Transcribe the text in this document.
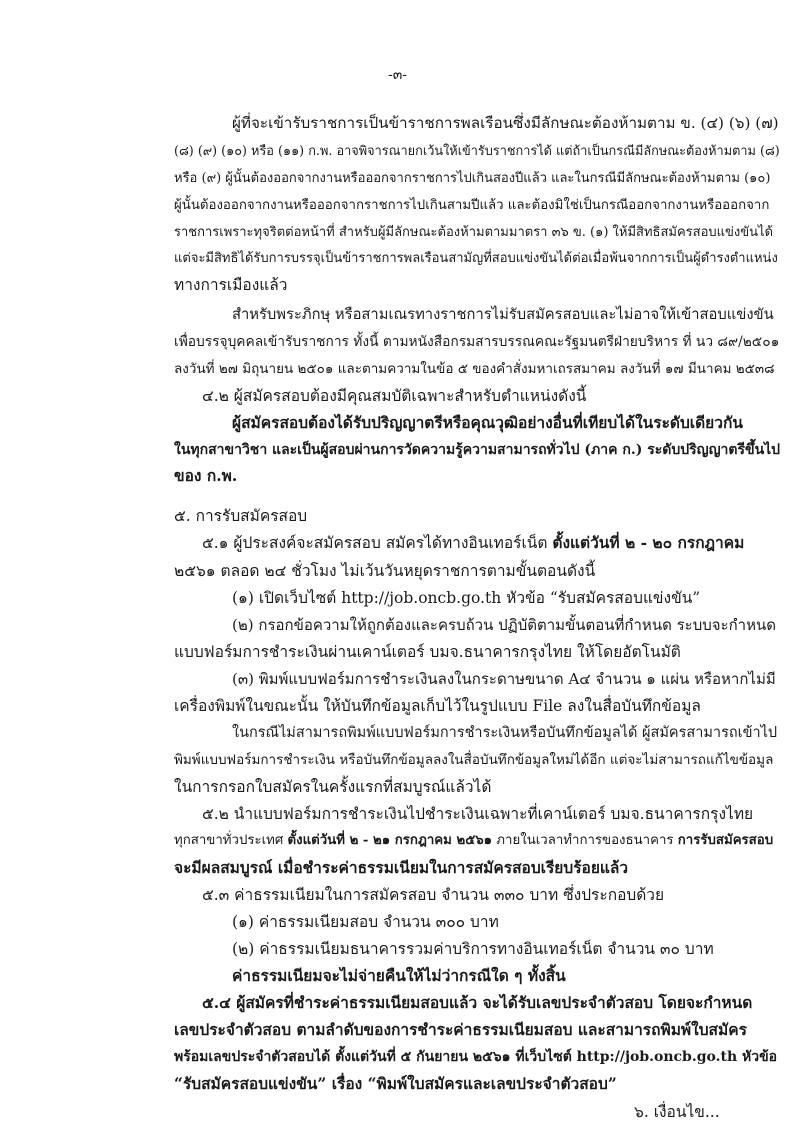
-๓-
ผู้ที่จะเข้ารับราชการเป็นข้าราชการพลเรือนซึ่งมีลักษณะต้องห้ามตาม ข. (๔) (๖) (๗)
(๘) (๙) (๑๐) หรือ (๑๑) ก.พ. อาจพิจารณายกเว้นให้เข้ารับราชการได้ แต่ถ้าเป็นกรณีมีลักษณะต้องห้ามตาม (๘)
หรือ (๙) ผู้นั้นต้องออกจากงานหรือออกจากราชการไปเกินสองปีแล้ว และในกรณีมีลักษณะต้องห้ามตาม (๑๐)
ผู้นั้นต้องออกจากงานหรือออกจากราชการไปเกินสามปีแล้ว และต้องมิใช่เป็นกรณีออกจากงานหรือออกจาก
ราชการเพราะทุจริตต่อหน้าที่ สำหรับผู้มีลักษณะต้องห้ามตามมาตรา ๓๖ ข. (๑) ให้มีสิทธิสมัครสอบแข่งขันได้
แต่จะมีสิทธิได้รับการบรรจุเป็นข้าราชการพลเรือนสามัญที่สอบแข่งขันได้ต่อเมื่อพ้นจากการเป็นผู้ดำรงตำแหน่ง
ทางการเมืองแล้ว
สำหรับพระภิกษุ หรือสามเณรทางราชการไม่รับสมัครสอบและไม่อาจให้เข้าสอบแข่งขัน
เพื่อบรรจุบุคคลเข้ารับราชการ ทั้งนี้ ตามหนังสือกรมสารบรรณคณะรัฐมนตรีฝ่ายบริหาร ที่ นว ๘๙/๒๕๐๑
ลงวันที่ ๒๗ มิถุนายน ๒๕๐๑ และตามความในข้อ ๕ ของคำสั่งมหาเถรสมาคม ลงวันที่ ๑๗ มีนาคม ๒๕๓๘
๔.๒ ผู้สมัครสอบต้องมีคุณสมบัติเฉพาะสำหรับตำแหน่งดังนี้
ผู้สมัครสอบต้องได้รับปริญญาตรีหรือคุณวุฒิอย่างอื่นที่เทียบได้ในระดับเดียวกัน
ในทุกสาขาวิชา และเป็นผู้สอบผ่านการวัดความรู้ความสามารถทั่วไป (ภาค ก.) ระดับปริญญาตรีขึ้นไป
ของ ก.พ.
๕. การรับสมัครสอบ
๕.๑ ผู้ประสงค์จะสมัครสอบ สมัครได้ทางอินเทอร์เน็ต ตั้งแต่วันที่ ๒ - ๒๐ กรกฎาคม
๒๕๖๑ ตลอด ๒๔ ชั่วโมง ไม่เว้นวันหยุดราชการตามขั้นตอนดังนี้
(๑) เปิดเว็บไซต์ http://job.oncb.go.th หัวข้อ “รับสมัครสอบแข่งขัน”
(๒) กรอกข้อความให้ถูกต้องและครบถ้วน ปฏิบัติตามขั้นตอนที่กำหนด ระบบจะกำหนด
แบบฟอร์มการชำระเงินผ่านเคาน์เตอร์ บมจ.ธนาคารกรุงไทย ให้โดยอัตโนมัติ
(๓) พิมพ์แบบฟอร์มการชำระเงินลงในกระดาษขนาด A๔ จำนวน ๑ แผ่น หรือหากไม่มี
เครื่องพิมพ์ในขณะนั้น ให้บันทึกข้อมูลเก็บไว้ในรูปแบบ File ลงในสื่อบันทึกข้อมูล
ในกรณีไม่สามารถพิมพ์แบบฟอร์มการชำระเงินหรือบันทึกข้อมูลได้ ผู้สมัครสามารถเข้าไป
พิมพ์แบบฟอร์มการชำระเงิน หรือบันทึกข้อมูลลงในสื่อบันทึกข้อมูลใหม่ได้อีก แต่จะไม่สามารถแก้ไขข้อมูล
ในการกรอกใบสมัครในครั้งแรกที่สมบูรณ์แล้วได้
๕.๒ นำแบบฟอร์มการชำระเงินไปชำระเงินเฉพาะที่เคาน์เตอร์ บมจ.ธนาคารกรุงไทย
ทุกสาขาทั่วประเทศ ตั้งแต่วันที่ ๒ - ๒๑ กรกฎาคม ๒๕๖๑ ภายในเวลาทำการของธนาคาร การรับสมัครสอบ
จะมีผลสมบูรณ์ เมื่อชำระค่าธรรมเนียมในการสมัครสอบเรียบร้อยแล้ว
๕.๓ ค่าธรรมเนียมในการสมัครสอบ จำนวน ๓๓๐ บาท ซึ่งประกอบด้วย
(๑) ค่าธรรมเนียมสอบ จำนวน ๓๐๐ บาท
(๒) ค่าธรรมเนียมธนาคารรวมค่าบริการทางอินเทอร์เน็ต จำนวน ๓๐ บาท
ค่าธรรมเนียมจะไม่จ่ายคืนให้ไม่ว่ากรณีใด ๆ ทั้งสิ้น
๕.๔ ผู้สมัครที่ชำระค่าธรรมเนียมสอบแล้ว จะได้รับเลขประจำตัวสอบ โดยจะกำหนด
เลขประจำตัวสอบ ตามลำดับของการชำระค่าธรรมเนียมสอบ และสามารถพิมพ์ใบสมัคร
พร้อมเลขประจำตัวสอบได้ ตั้งแต่วันที่ ๕ กันยายน ๒๕๖๑ ที่เว็บไซต์ http://job.oncb.go.th หัวข้อ
“รับสมัครสอบแข่งขัน” เรื่อง “พิมพ์ใบสมัครและเลขประจำตัวสอบ”
๖. เงื่อนไข...
